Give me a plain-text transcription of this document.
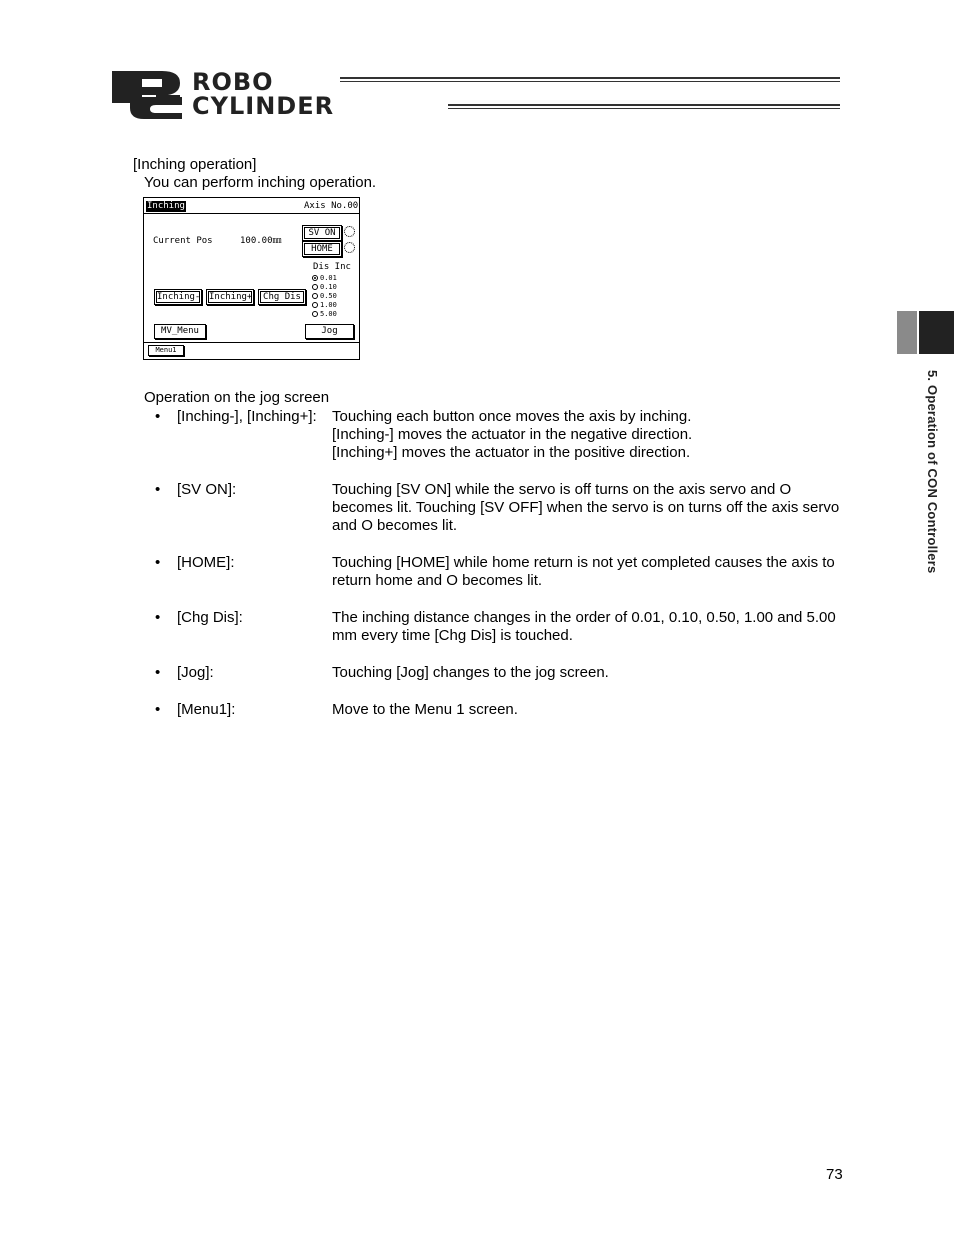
ROBO
CYLINDER
[Inching operation]
You can perform inching operation.
Inching	Axis No.00
Current Pos	100.00㎜
SV ON
HOME
Dis Inc
0.01
0.10
0.50
1.00
5.00
Inching- Inching+	Chg Dis
MV_Menu	Jog
Menu1
Operation on the jog screen
• [Inching-], [Inching+]: Touching each button once moves the axis by inching.
[Inching-] moves the actuator in the negative direction.
[Inching+] moves the actuator in the positive direction.
• [SV ON]:	Touching [SV ON] while the servo is off turns on the axis servo and O becomes lit. Touching [SV OFF] when the servo is on turns off the axis servo and O becomes lit.
• [HOME]:	Touching [HOME] while home return is not yet completed causes the axis to return home and O becomes lit.
• [Chg Dis]:	The inching distance changes in the order of 0.01, 0.10, 0.50, 1.00 and 5.00 mm every time [Chg Dis] is touched.
• [Jog]:	Touching [Jog] changes to the jog screen.
• [Menu1]:	Move to the Menu 1 screen.
5. Operation of CON Controllers
73
